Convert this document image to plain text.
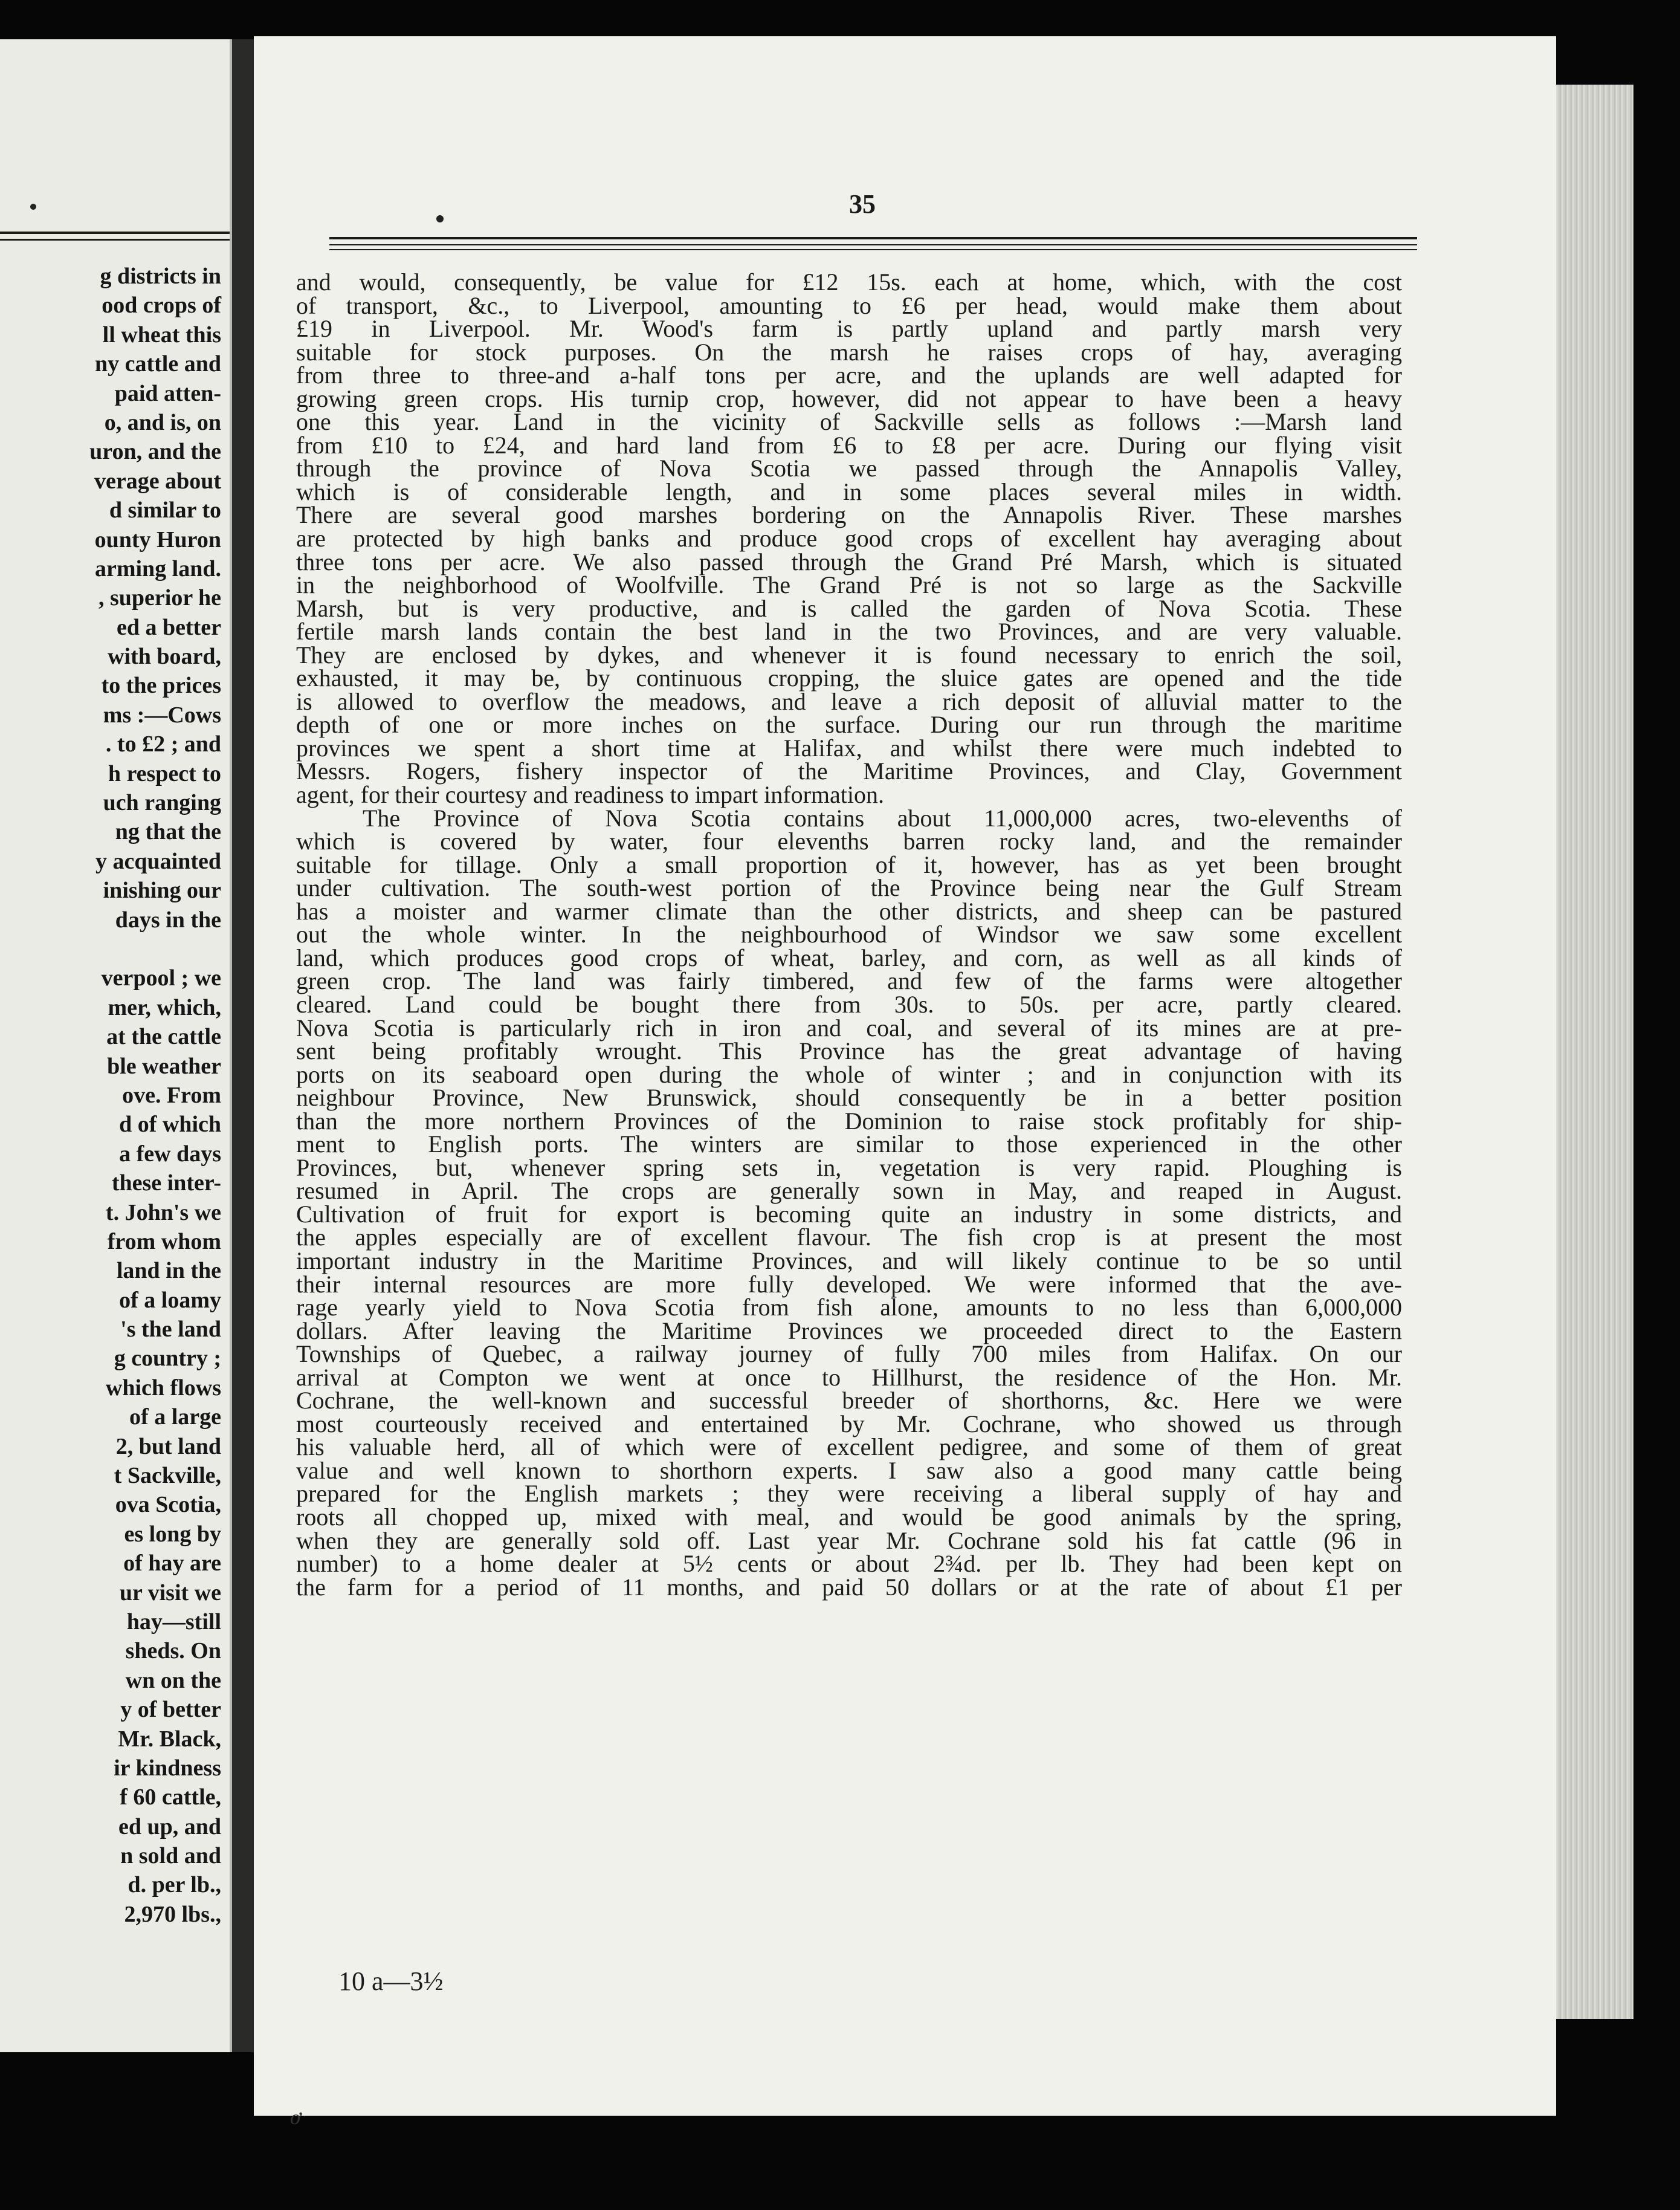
g districts in
ood crops of
ll wheat this
ny cattle and
paid atten-
o, and is, on
uron, and the
verage about
d similar to
ounty Huron
arming land.
, superior he
ed a better
with board,
to the prices
ms :—Cows
. to £2 ; and
h respect to
uch ranging
ng that the
y acquainted
inishing our
days in the
verpool ; we
mer, which,
at the cattle
ble weather
ove. From
d of which
a few days
these inter-
t. John's we
from whom
land in the
of a loamy
's the land
g country ;
which flows
of a large
2, but land
t Sackville,
ova Scotia,
es long by
of hay are
ur visit we
hay—still
sheds. On
wn on the
y of better
Mr. Black,
ir kindness
f 60 cattle,
ed up, and
n sold and
d. per lb.,
2,970 lbs.,
35
and would, consequently, be value for £12 15s. each at home, which, with the cost
of transport, &c., to Liverpool, amounting to £6 per head, would make them about
£19 in Liverpool. Mr. Wood's farm is partly upland and partly marsh very
suitable for stock purposes. On the marsh he raises crops of hay, averaging
from three to three-and a-half tons per acre, and the uplands are well adapted for
growing green crops. His turnip crop, however, did not appear to have been a heavy
one this year. Land in the vicinity of Sackville sells as follows :—Marsh land
from £10 to £24, and hard land from £6 to £8 per acre. During our flying visit
through the province of Nova Scotia we passed through the Annapolis Valley,
which is of considerable length, and in some places several miles in width.
There are several good marshes bordering on the Annapolis River. These marshes
are protected by high banks and produce good crops of excellent hay averaging about
three tons per acre. We also passed through the Grand Pré Marsh, which is situated
in the neighborhood of Woolfville. The Grand Pré is not so large as the Sackville
Marsh, but is very productive, and is called the garden of Nova Scotia. These
fertile marsh lands contain the best land in the two Provinces, and are very valuable.
They are enclosed by dykes, and whenever it is found necessary to enrich the soil,
exhausted, it may be, by continuous cropping, the sluice gates are opened and the tide
is allowed to overflow the meadows, and leave a rich deposit of alluvial matter to the
depth of one or more inches on the surface. During our run through the maritime
provinces we spent a short time at Halifax, and whilst there were much indebted to
Messrs. Rogers, fishery inspector of the Maritime Provinces, and Clay, Government
agent, for their courtesy and readiness to impart information.
The Province of Nova Scotia contains about 11,000,000 acres, two-elevenths of
which is covered by water, four elevenths barren rocky land, and the remainder
suitable for tillage. Only a small proportion of it, however, has as yet been brought
under cultivation. The south-west portion of the Province being near the Gulf Stream
has a moister and warmer climate than the other districts, and sheep can be pastured
out the whole winter. In the neighbourhood of Windsor we saw some excellent
land, which produces good crops of wheat, barley, and corn, as well as all kinds of
green crop. The land was fairly timbered, and few of the farms were altogether
cleared. Land could be bought there from 30s. to 50s. per acre, partly cleared.
Nova Scotia is particularly rich in iron and coal, and several of its mines are at pre-
sent being profitably wrought. This Province has the great advantage of having
ports on its seaboard open during the whole of winter ; and in conjunction with its
neighbour Province, New Brunswick, should consequently be in a better position
than the more northern Provinces of the Dominion to raise stock profitably for ship-
ment to English ports. The winters are similar to those experienced in the other
Provinces, but, whenever spring sets in, vegetation is very rapid. Ploughing is
resumed in April. The crops are generally sown in May, and reaped in August.
Cultivation of fruit for export is becoming quite an industry in some districts, and
the apples especially are of excellent flavour. The fish crop is at present the most
important industry in the Maritime Provinces, and will likely continue to be so until
their internal resources are more fully developed. We were informed that the ave-
rage yearly yield to Nova Scotia from fish alone, amounts to no less than 6,000,000
dollars. After leaving the Maritime Provinces we proceeded direct to the Eastern
Townships of Quebec, a railway journey of fully 700 miles from Halifax. On our
arrival at Compton we went at once to Hillhurst, the residence of the Hon. Mr.
Cochrane, the well-known and successful breeder of shorthorns, &c. Here we were
most courteously received and entertained by Mr. Cochrane, who showed us through
his valuable herd, all of which were of excellent pedigree, and some of them of great
value and well known to shorthorn experts. I saw also a good many cattle being
prepared for the English markets ; they were receiving a liberal supply of hay and
roots all chopped up, mixed with meal, and would be good animals by the spring,
when they are generally sold off. Last year Mr. Cochrane sold his fat cattle (96 in
number) to a home dealer at 5½ cents or about 2¾d. per lb. They had been kept on
the farm for a period of 11 months, and paid 50 dollars or at the rate of about £1 per
10 a—3½
ơ
